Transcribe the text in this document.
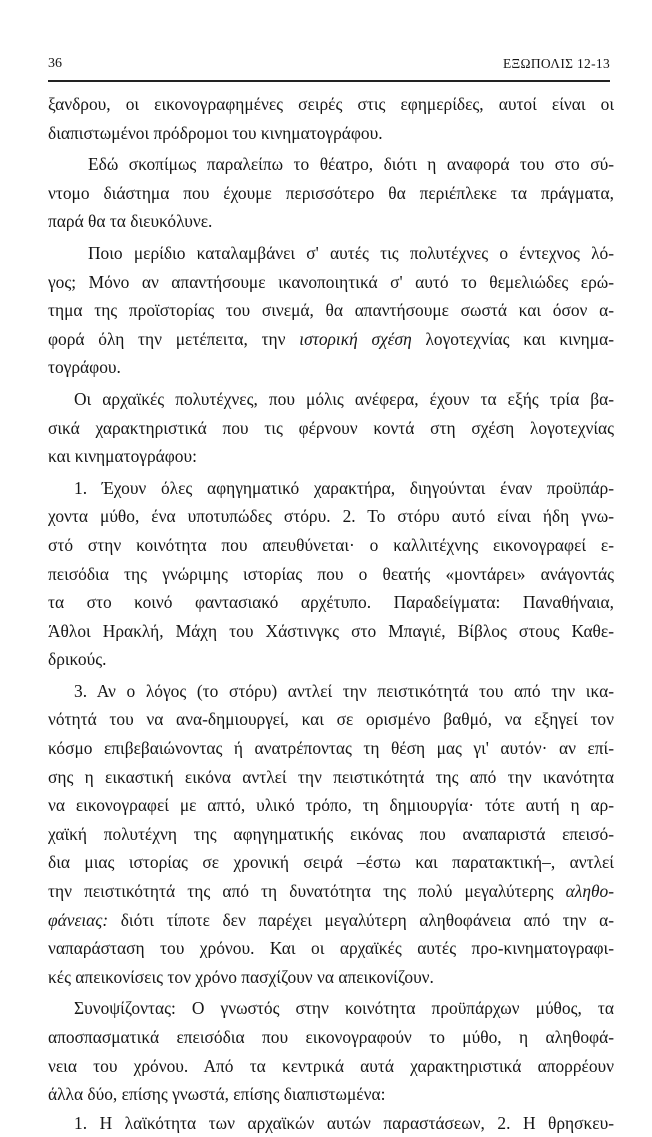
36	ΕΞΩΠΟΛΙΣ 12-13
ξανδρου, οι εικονογραφημένες σειρές στις εφημερίδες, αυτοί είναι οι
διαπιστωμένοι πρόδρομοι του κινηματογράφου.
Εδώ σκοπίμως παραλείπω το θέατρο, διότι η αναφορά του στο σύ-
ντομο διάστημα που έχουμε περισσότερο θα περιέπλεκε τα πράγματα,
παρά θα τα διευκόλυνε.
Ποιο μερίδιο καταλαμβάνει σ' αυτές τις πολυτέχνες ο έντεχνος λό-
γος; Μόνο αν απαντήσουμε ικανοποιητικά σ' αυτό το θεμελιώδες ερώ-
τημα της προϊστορίας του σινεμά, θα απαντήσουμε σωστά και όσον α-
φορά όλη την μετέπειτα, την ιστορική σχέση λογοτεχνίας και κινημα-
τογράφου.
Οι αρχαϊκές πολυτέχνες, που μόλις ανέφερα, έχουν τα εξής τρία βα-
σικά χαρακτηριστικά που τις φέρνουν κοντά στη σχέση λογοτεχνίας
και κινηματογράφου:
1. Έχουν όλες αφηγηματικό χαρακτήρα, διηγούνται έναν προϋπάρ-
χοντα μύθο, ένα υποτυπώδες στόρυ. 2. Το στόρυ αυτό είναι ήδη γνω-
στό στην κοινότητα που απευθύνεται· ο καλλιτέχνης εικονογραφεί ε-
πεισόδια της γνώριμης ιστορίας που ο θεατής «μοντάρει» ανάγοντάς
τα στο κοινό φαντασιακό αρχέτυπο. Παραδείγματα: Παναθήναια,
Άθλοι Ηρακλή, Μάχη του Χάστινγκς στο Μπαγιέ, Βίβλος στους Καθε-
δρικούς.
3. Αν ο λόγος (το στόρυ) αντλεί την πειστικότητά του από την ικα-
νότητά του να ανα-δημιουργεί, και σε ορισμένο βαθμό, να εξηγεί τον
κόσμο επιβεβαιώνοντας ή ανατρέποντας τη θέση μας γι' αυτόν· αν επί-
σης η εικαστική εικόνα αντλεί την πειστικότητά της από την ικανότητα
να εικονογραφεί με απτό, υλικό τρόπο, τη δημιουργία· τότε αυτή η αρ-
χαϊκή πολυτέχνη της αφηγηματικής εικόνας που αναπαριστά επεισό-
δια μιας ιστορίας σε χρονική σειρά –έστω και παρατακτική–, αντλεί
την πειστικότητά της από τη δυνατότητα της πολύ μεγαλύτερης αληθο-
φάνειας: διότι τίποτε δεν παρέχει μεγαλύτερη αληθοφάνεια από την α-
ναπαράσταση του χρόνου. Και οι αρχαϊκές αυτές προ-κινηματογραφι-
κές απεικονίσεις τον χρόνο πασχίζουν να απεικονίζουν.
Συνοψίζοντας: Ο γνωστός στην κοινότητα προϋπάρχων μύθος, τα
αποσπασματικά επεισόδια που εικονογραφούν το μύθο, η αληθοφά-
νεια του χρόνου. Από τα κεντρικά αυτά χαρακτηριστικά απορρέουν
άλλα δύο, επίσης γνωστά, επίσης διαπιστωμένα:
1. Η λαϊκότητα των αρχαϊκών αυτών παραστάσεων, 2. Η θρησκευ-
